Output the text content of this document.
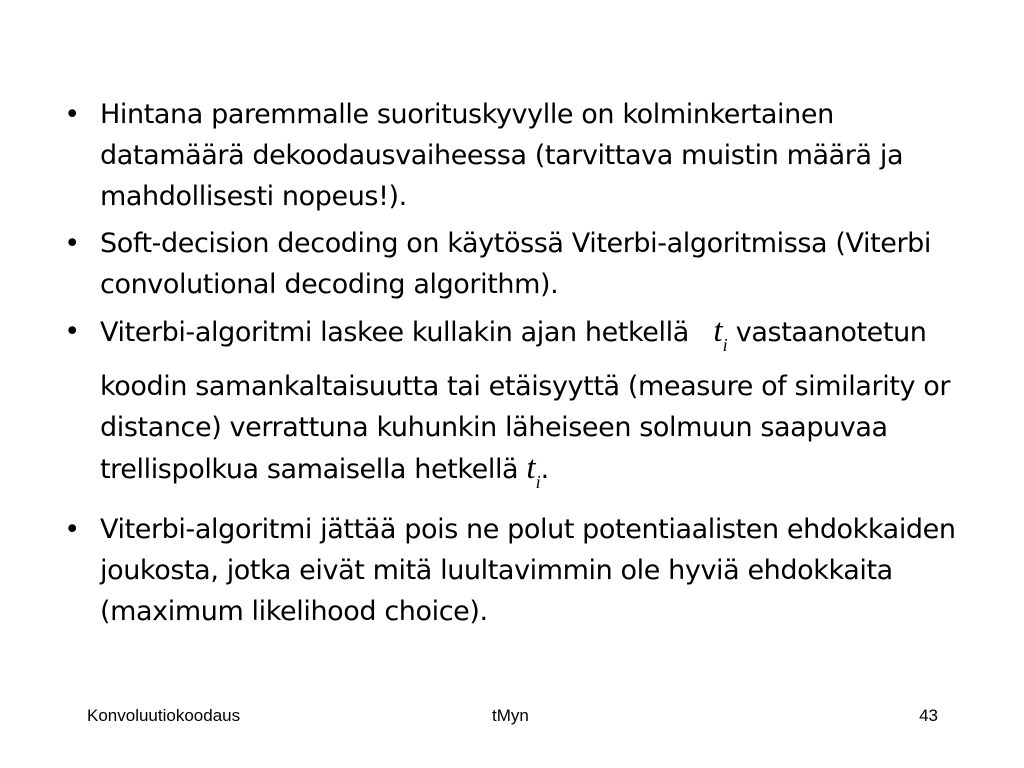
• Hintana paremmalle suorituskyvylle on kolminkertainen datamäärä dekoodausvaiheessa (tarvittava muistin määrä ja mahdollisesti nopeus!).
• Soft-decision decoding on käytössä Viterbi-algoritmissa (Viterbi convolutional decoding algorithm).
• Viterbi-algoritmi laskee kullakin ajan hetkellä $t_i$ vastaanotetun koodin samankaltaisuutta tai etäisyyttä (measure of similarity or distance) verrattuna kuhunkin läheiseen solmuun saapuvaa trellispolkua samaisella hetkellä $t_i$.
• Viterbi-algoritmi jättää pois ne polut potentiaalisten ehdokkaiden joukosta, jotka eivät mitä luultavimmin ole hyviä ehdokkaita (maximum likelihood choice).
Konvoluutiokoodaus	tMyn	43
